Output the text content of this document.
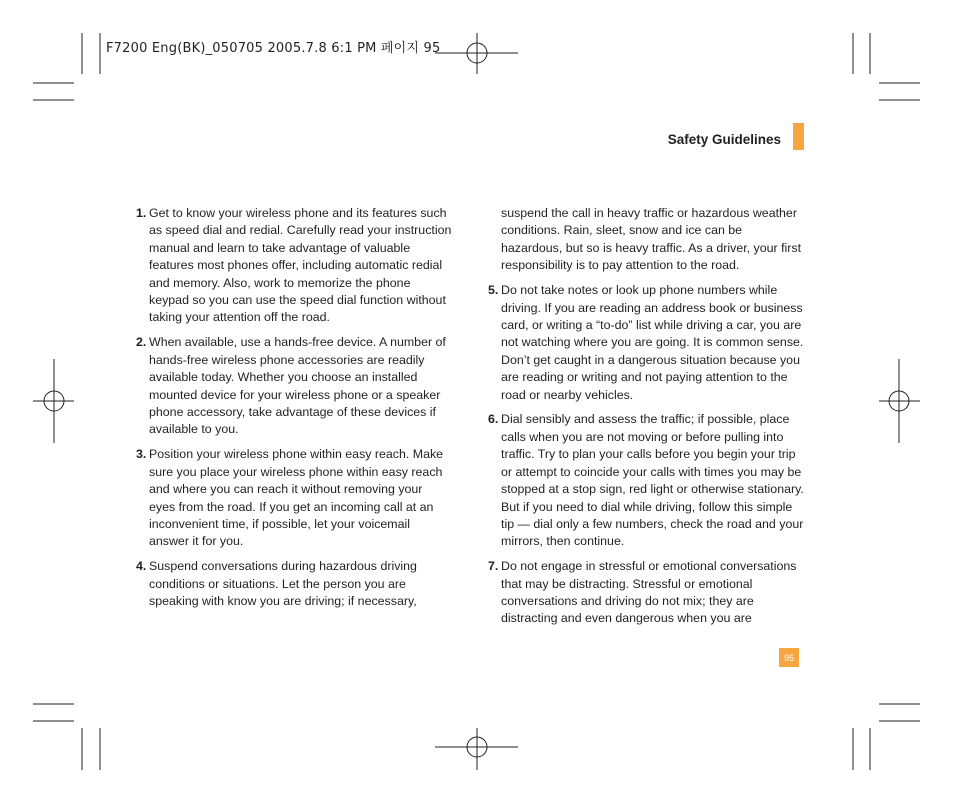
F7200 Eng(BK)_050705 2005.7.8 6:1 PM 페이지 95
Safety Guidelines
1. Get to know your wireless phone and its features such as speed dial and redial. Carefully read your instruction manual and learn to take advantage of valuable features most phones offer, including automatic redial and memory. Also, work to memorize the phone keypad so you can use the speed dial function without taking your attention off the road.
2. When available, use a hands-free device. A number of hands-free wireless phone accessories are readily available today. Whether you choose an installed mounted device for your wireless phone or a speaker phone accessory, take advantage of these devices if available to you.
3. Position your wireless phone within easy reach. Make sure you place your wireless phone within easy reach and where you can reach it without removing your eyes from the road. If you get an incoming call at an inconvenient time, if possible, let your voicemail answer it for you.
4. Suspend conversations during hazardous driving conditions or situations. Let the person you are speaking with know you are driving; if necessary,
suspend the call in heavy traffic or hazardous weather conditions. Rain, sleet, snow and ice can be hazardous, but so is heavy traffic. As a driver, your first responsibility is to pay attention to the road.
5. Do not take notes or look up phone numbers while driving. If you are reading an address book or business card, or writing a “to-do” list while driving a car, you are not watching where you are going. It is common sense. Don’t get caught in a dangerous situation because you are reading or writing and not paying attention to the road or nearby vehicles.
6. Dial sensibly and assess the traffic; if possible, place calls when you are not moving or before pulling into traffic. Try to plan your calls before you begin your trip or attempt to coincide your calls with times you may be stopped at a stop sign, red light or otherwise stationary. But if you need to dial while driving, follow this simple tip — dial only a few numbers, check the road and your mirrors, then continue.
7. Do not engage in stressful or emotional conversations that may be distracting. Stressful or emotional conversations and driving do not mix; they are distracting and even dangerous when you are
95
